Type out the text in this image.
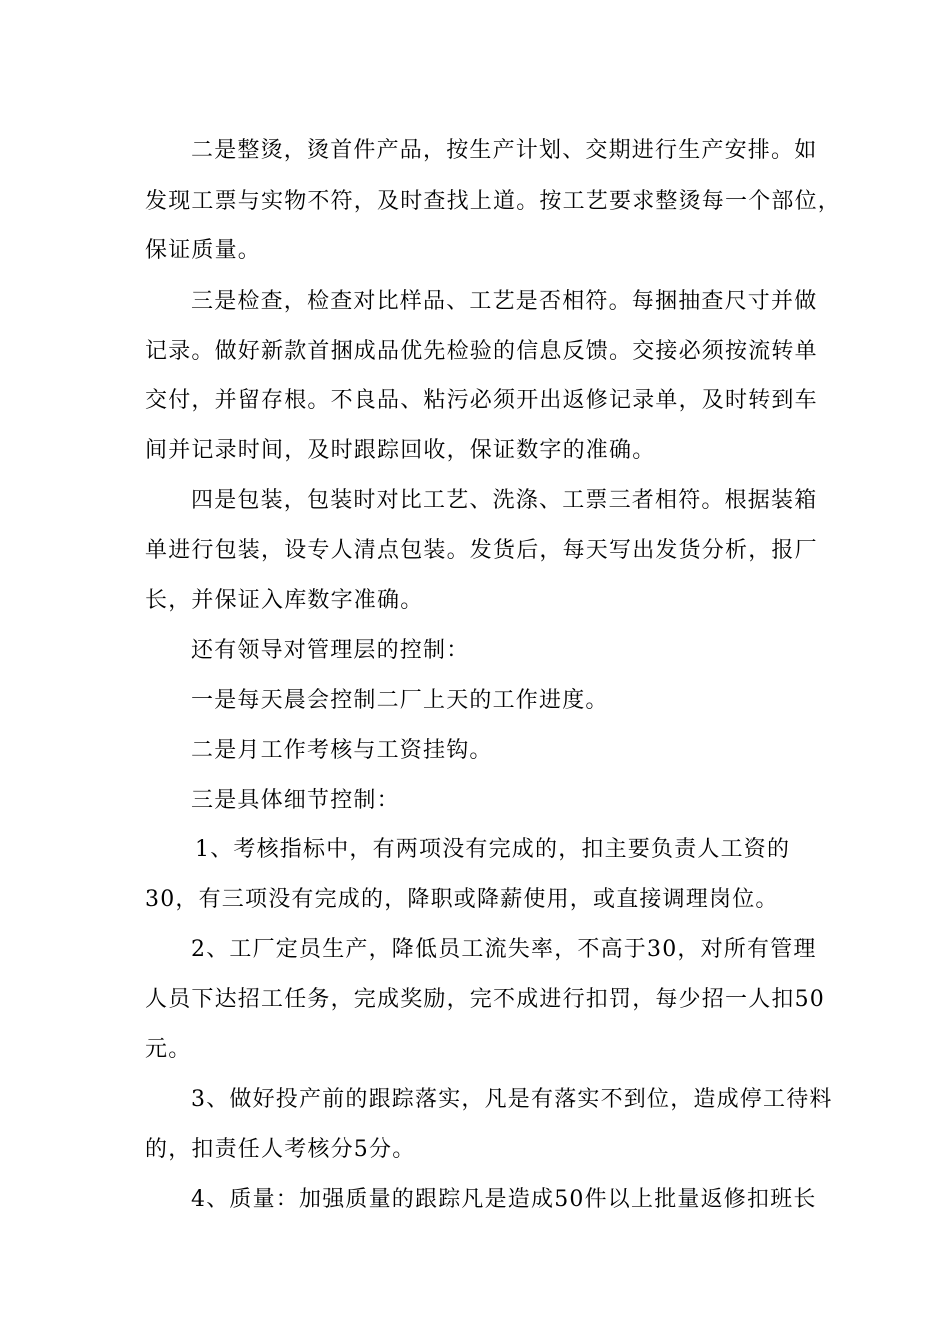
二是整烫，烫首件产品，按生产计划、交期进行生产安排。如
发现工票与实物不符，及时查找上道。按工艺要求整烫每一个部位，
保证质量。
三是检查，检查对比样品、工艺是否相符。每捆抽查尺寸并做
记录。做好新款首捆成品优先检验的信息反馈。交接必须按流转单
交付，并留存根。不良品、粘污必须开出返修记录单，及时转到车
间并记录时间，及时跟踪回收，保证数字的准确。
四是包装，包装时对比工艺、洗涤、工票三者相符。根据装箱
单进行包装，设专人清点包装。发货后，每天写出发货分析，报厂
长，并保证入库数字准确。
还有领导对管理层的控制：
一是每天晨会控制二厂上天的工作进度。
二是月工作考核与工资挂钩。
三是具体细节控制：
1、考核指标中，有两项没有完成的，扣主要负责人工资的
30，有三项没有完成的，降职或降薪使用，或直接调理岗位。
2、工厂定员生产，降低员工流失率，不高于30，对所有管理
人员下达招工任务，完成奖励，完不成进行扣罚，每少招一人扣50
元。
3、做好投产前的跟踪落实，凡是有落实不到位，造成停工待料
的，扣责任人考核分5分。
4、质量：加强质量的跟踪凡是造成50件以上批量返修扣班长
